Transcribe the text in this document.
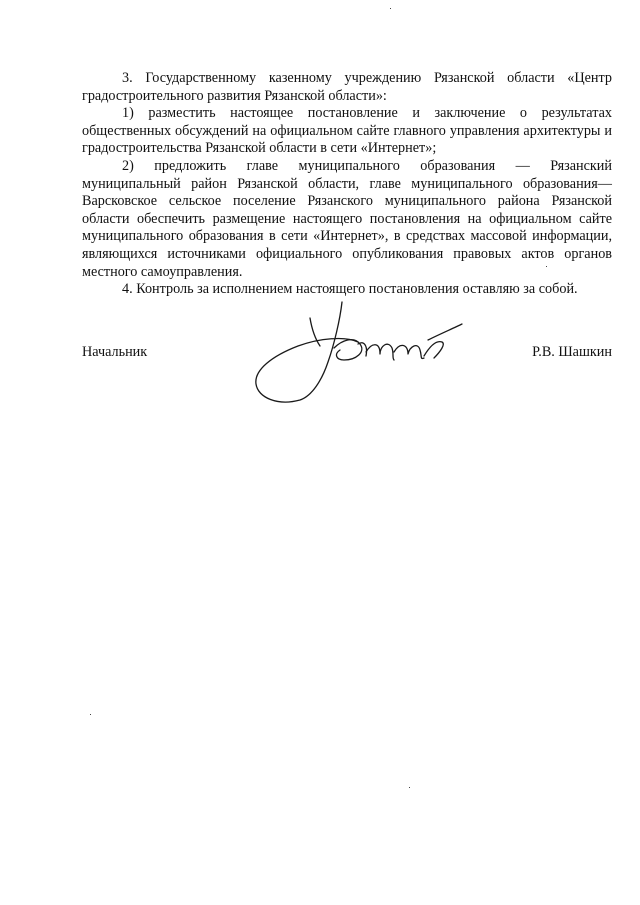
3. Государственному казенному учреждению Рязанской области «Центр градостроительного развития Рязанской области»:

1) разместить настоящее постановление и заключение о результатах общественных обсуждений на официальном сайте главного управления архитектуры и градостроительства Рязанской области в сети «Интернет»;

2) предложить главе муниципального образования — Рязанский муниципальный район Рязанской области, главе муниципального образования— Варсковское сельское поселение Рязанского муниципального района Рязанской области обеспечить размещение настоящего постановления на официальном сайте муниципального образования в сети «Интернет», в средствах массовой информации, являющихся источниками официального опубликования правовых актов органов местного самоуправления.

4. Контроль за исполнением настоящего постановления оставляю за собой.

Начальник	Р.В. Шашкин
